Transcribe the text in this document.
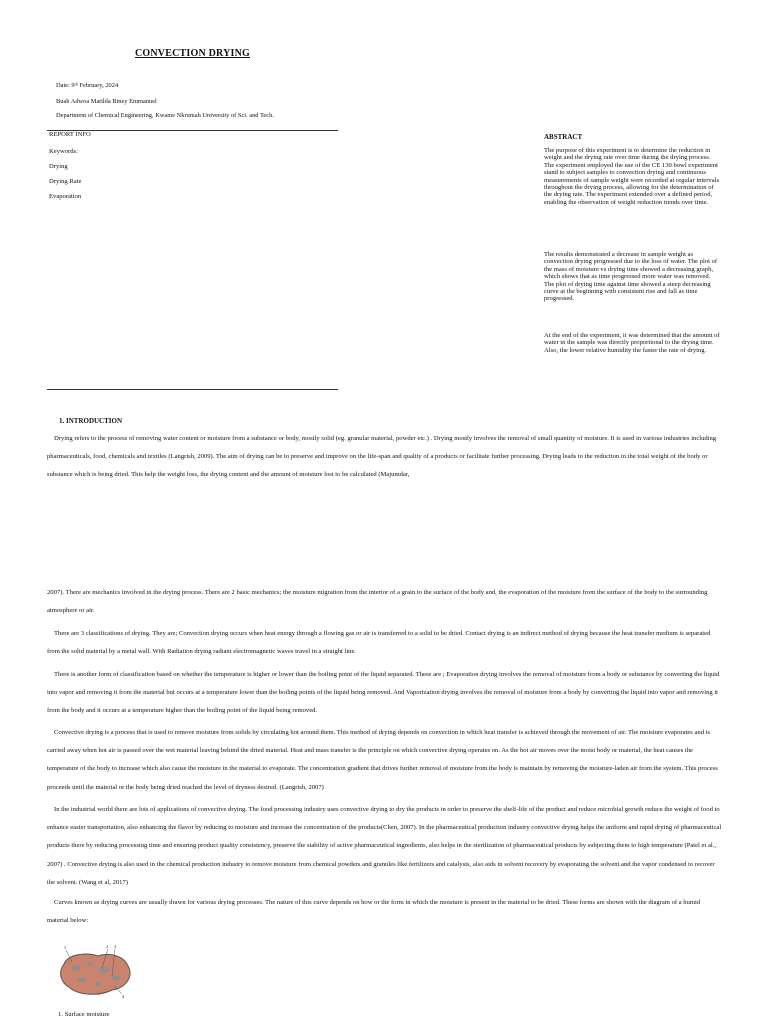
CONVECTION DRYING
Date: 9ᵗʰ February, 2024
Buah Adwoa Matilda Biney Emmanuel
Department of Chemical Engineering, Kwame Nkrumah University of Sci. and Tech.
REPORT INFO
Keywords:
Drying
Drying Rate
Evaporation
ABSTRACT
The purpose of this experiment is to determine the reduction in weight and the drying rate over time during the drying process. The experiment employed the use of the CE 130 bowl experiment stand to subject samples to convection drying and continuous measurements of sample weight were recorded at regular intervals throughout the drying process, allowing for the determination of the drying rate. The experiment extended over a defined period, enabling the observation of weight reduction trends over time.
The results demonstrated a decrease in sample weight as convection drying progressed due to the loss of water. The plot of the mass of moisture vs drying time showed a decreasing graph, which shows that as time progressed more water was removed. The plot of drying time against time showed a steep decreasing curve at the beginning with consistent rise and fall as time progressed.
At the end of the experiment, it was determined that the amount of water in the sample was directly proportional to the drying time. Also, the lower relative humidity the faster the rate of drying.
1. INTRODUCTION
Drying refers to the process of removing water content or moisture from a substance or body, mostly solid (eg. granular material, powder etc.) . Drying mostly involves the removal of small quantity of moisture. It is used in various industries including pharmaceuticals, food, chemicals and textiles (Langrish, 2009). The aim of drying can be to preserve and improve on the life-span and quality of a products or facilitate further processing. Drying leads to the reduction in the total weight of the body or substance which is being dried. This help the weight loss, the drying content and the amount of moisture lost to be calculated (Majumdar,
2007). There are mechanics involved in the drying process. There are 2 basic mechanics; the moisture migration from the interior of a grain to the surface of the body and, the evaporation of the moisture from the surface of the body to the surrounding atmosphere or air.
There are 3 classifications of drying. They are; Convection drying occurs when heat energy through a flowing gas or air is transferred to a solid to be dried. Contact drying is an indirect method of drying because the heat transfer medium is separated from the solid material by a metal wall. With Radiation drying radiant electromagnetic waves travel in a straight line.
There is another form of classification based on whether the temperature is higher or lower than the boiling point of the liquid separated. These are ; Evaporation drying involves the removal of moisture from a body or substance by converting the liquid into vapor and removing it from the material but occurs at a temperature lower than the boiling points of the liquid being removed. And Vaporization drying involves the removal of moisture from a body by converting the liquid into vapor and removing it from the body and it occurs at a temperature higher than the boiling point of the liquid being removed.
Convective drying is a process that is used to remove moisture from solids by circulating hot around them. This method of drying depends on convection in which heat transfer is achieved through the movement of air. The moisture evaporates and is carried away when hot air is passed over the wet material leaving behind the dried material. Heat and mass transfer is the principle on which convective drying operates on. As the hot air moves over the moist body or material, the heat causes the temperature of the body to increase which also cause the moisture in the material to evaporate. The concentration gradient that drives further removal of moisture from the body is maintain by removing the moisture-laden air from the system. This process proceeds until the material or the body being dried reached the level of dryness desired. (Langrish, 2007)
In the industrial world there are lots of applications of convective drying. The food processing industry uses convective drying to dry the products in order to preserve the shelf-life of the product and reduce microbial growth reduce the weight of food to enhance easier transportation, also enhancing the flavor by reducing to moisture and increase the concentration of the products(Chen, 2007). In the pharmaceutical production industry convective drying helps the uniform and rapid drying of pharmaceutical products there by reducing processing time and ensuring product quality consistency, preserve the stability of active pharmaceutical ingredients, also helps in the sterilization of pharmaceutical products by subjecting them to high temperature (Patel et al., 2007) . Convective drying is also used in the chemical production industry to remove moisture from chemical powders and granules like fertilizers and catalysts, also aids in solvent recovery by evaporating the solvent and the vapor condensed to recover the solvent. (Wang et al, 2017)
Curves known as drying curves are usually drawn for various drying processes. The nature of this curve depends on how or the form in which the moisture is present in the material to be dried. These forms are shown with the diagram of a humid material below:
1	2 3
4
1. Surface moisture
